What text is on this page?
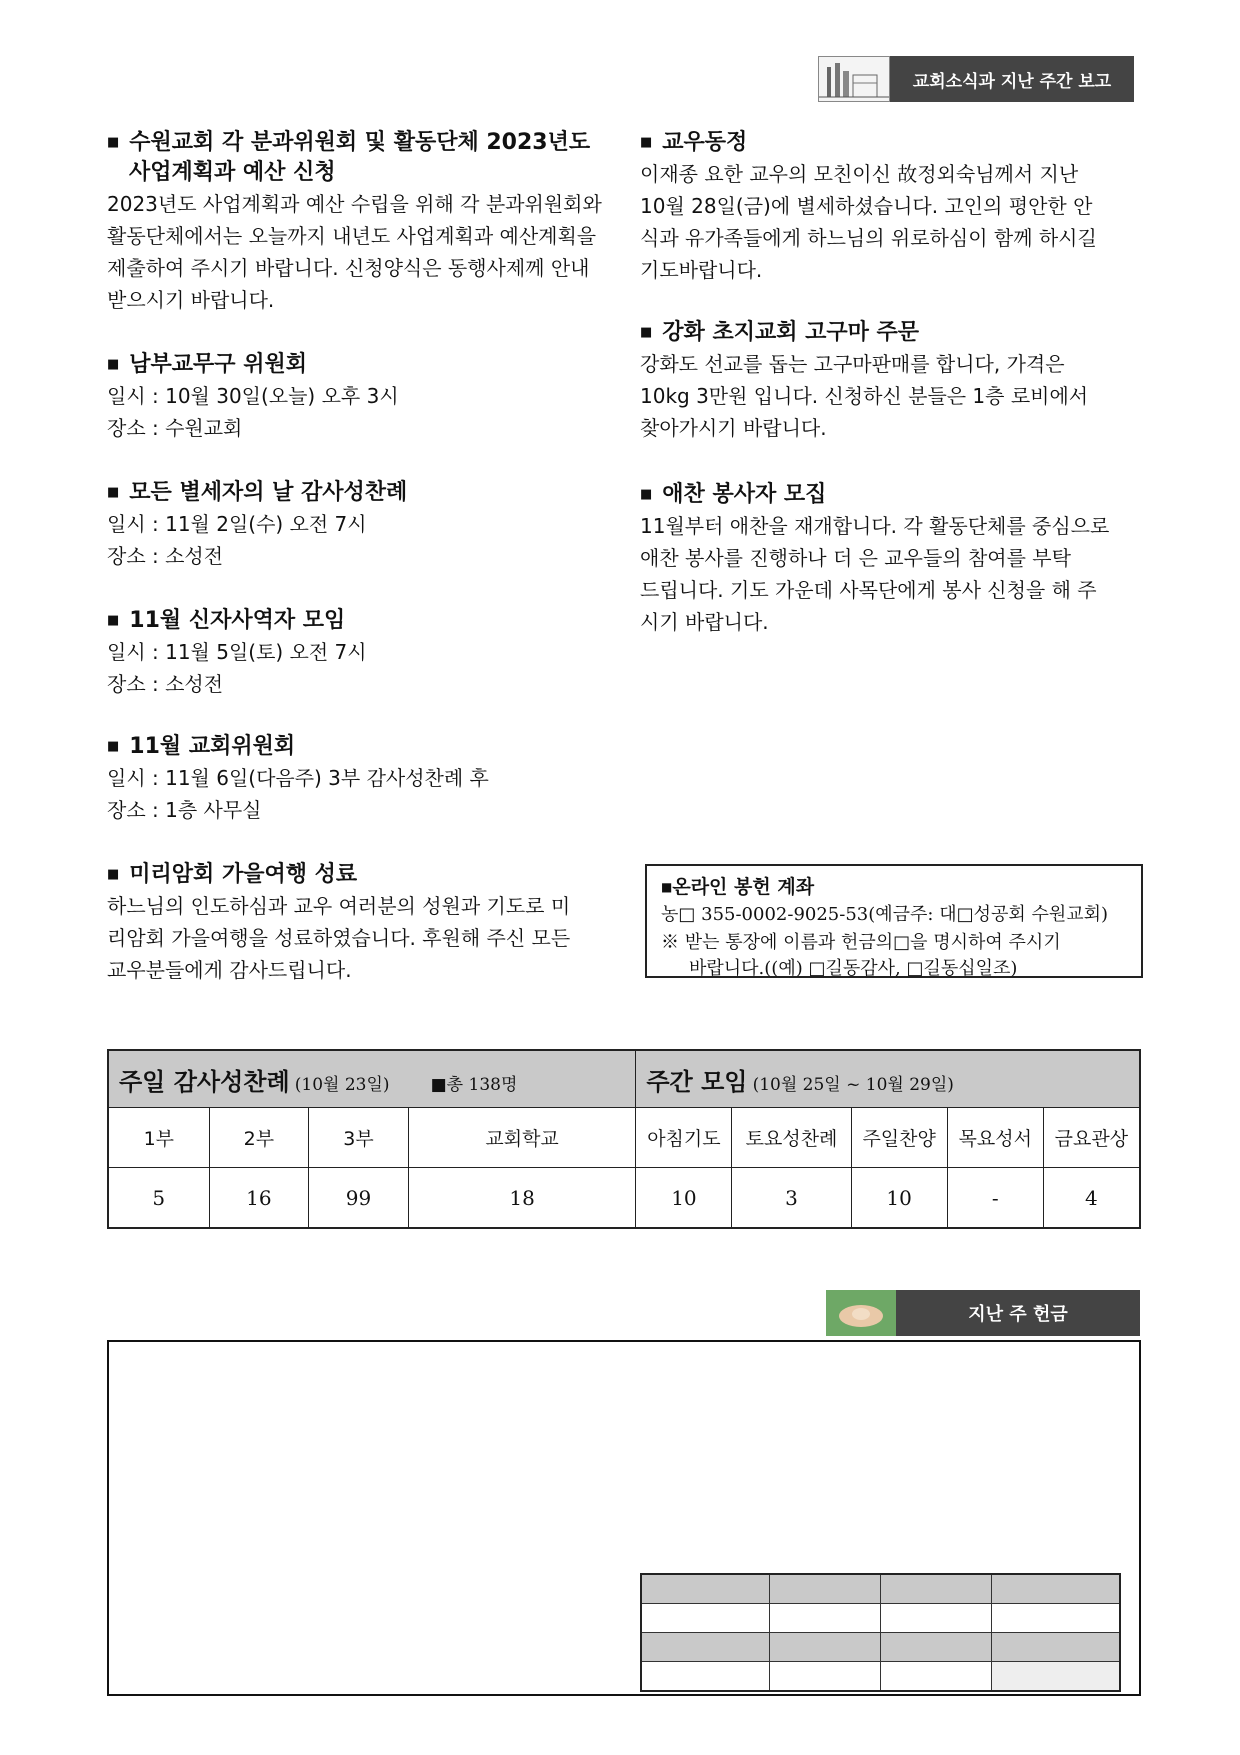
교회소식과 지난 주간 보고

■ 수원교회 각 분과위원회 및 활동단체 2023년도

사업계획과 예산 신청

2023년도 사업계획과 예산 수립을 위해 각 분과위원회와

활동단체에서는 오늘까지 내년도 사업계획과 예산계획을

제출하여 주시기 바랍니다. 신청양식은 동행사제께 안내

받으시기 바랍니다.

■ 남부교무구 위원회

일시 : 10월 30일(오늘) 오후 3시

장소 : 수원교회

■ 모든 별세자의 날 감사성찬례

일시 : 11월 2일(수) 오전 7시

장소 : 소성전

■ 11월 신자사역자 모임

일시 : 11월 5일(토) 오전 7시

장소 : 소성전

■ 11월 교회위원회

일시 : 11월 6일(다음주) 3부 감사성찬례 후

장소 : 1층 사무실

■ 미리암회 가을여행 성료

하느님의 인도하심과 교우 여러분의 성원과 기도로 미

리암회 가을여행을 성료하였습니다. 후원해 주신 모든

교우분들에게 감사드립니다.

■ 교우동정

이재종 요한 교우의 모친이신 故정외숙님께서 지난

10월 28일(금)에 별세하셨습니다. 고인의 평안한 안

식과 유가족들에게 하느님의 위로하심이 함께 하시길

기도바랍니다.

■ 강화 초지교회 고구마 주문

강화도 선교를 돕는 고구마판매를 합니다, 가격은

10kg 3만원 입니다. 신청하신 분들은 1층 로비에서

찾아가시기 바랍니다.

■ 애찬 봉사자 모집

11월부터 애찬을 재개합니다. 각 활동단체를 중심으로

애찬 봉사를 진행하나 더 은 교우들의 참여를 부탁

드립니다. 기도 가운데 사목단에게 봉사 신청을 해 주

시기 바랍니다.

■온라인 봉헌 계좌
농□ 355-0002-9025-53(예금주: 대□성공회 수원교회)
※ 받는 통장에 이름과 헌금의□을 명시하여 주시기
바랍니다.((예) □길동감사, □길동십일조)
주일 감사성찬례 (10월 23일) ■총 138명				주간 모임 (10월 25일 ~ 10월 29일)				
1부	2부	3부	교회학교	아침기도	토요성찬례	주일찬양	목요성서	금요관상
5	16	99	18	10	3	10	-	4
지난 주 헌금
